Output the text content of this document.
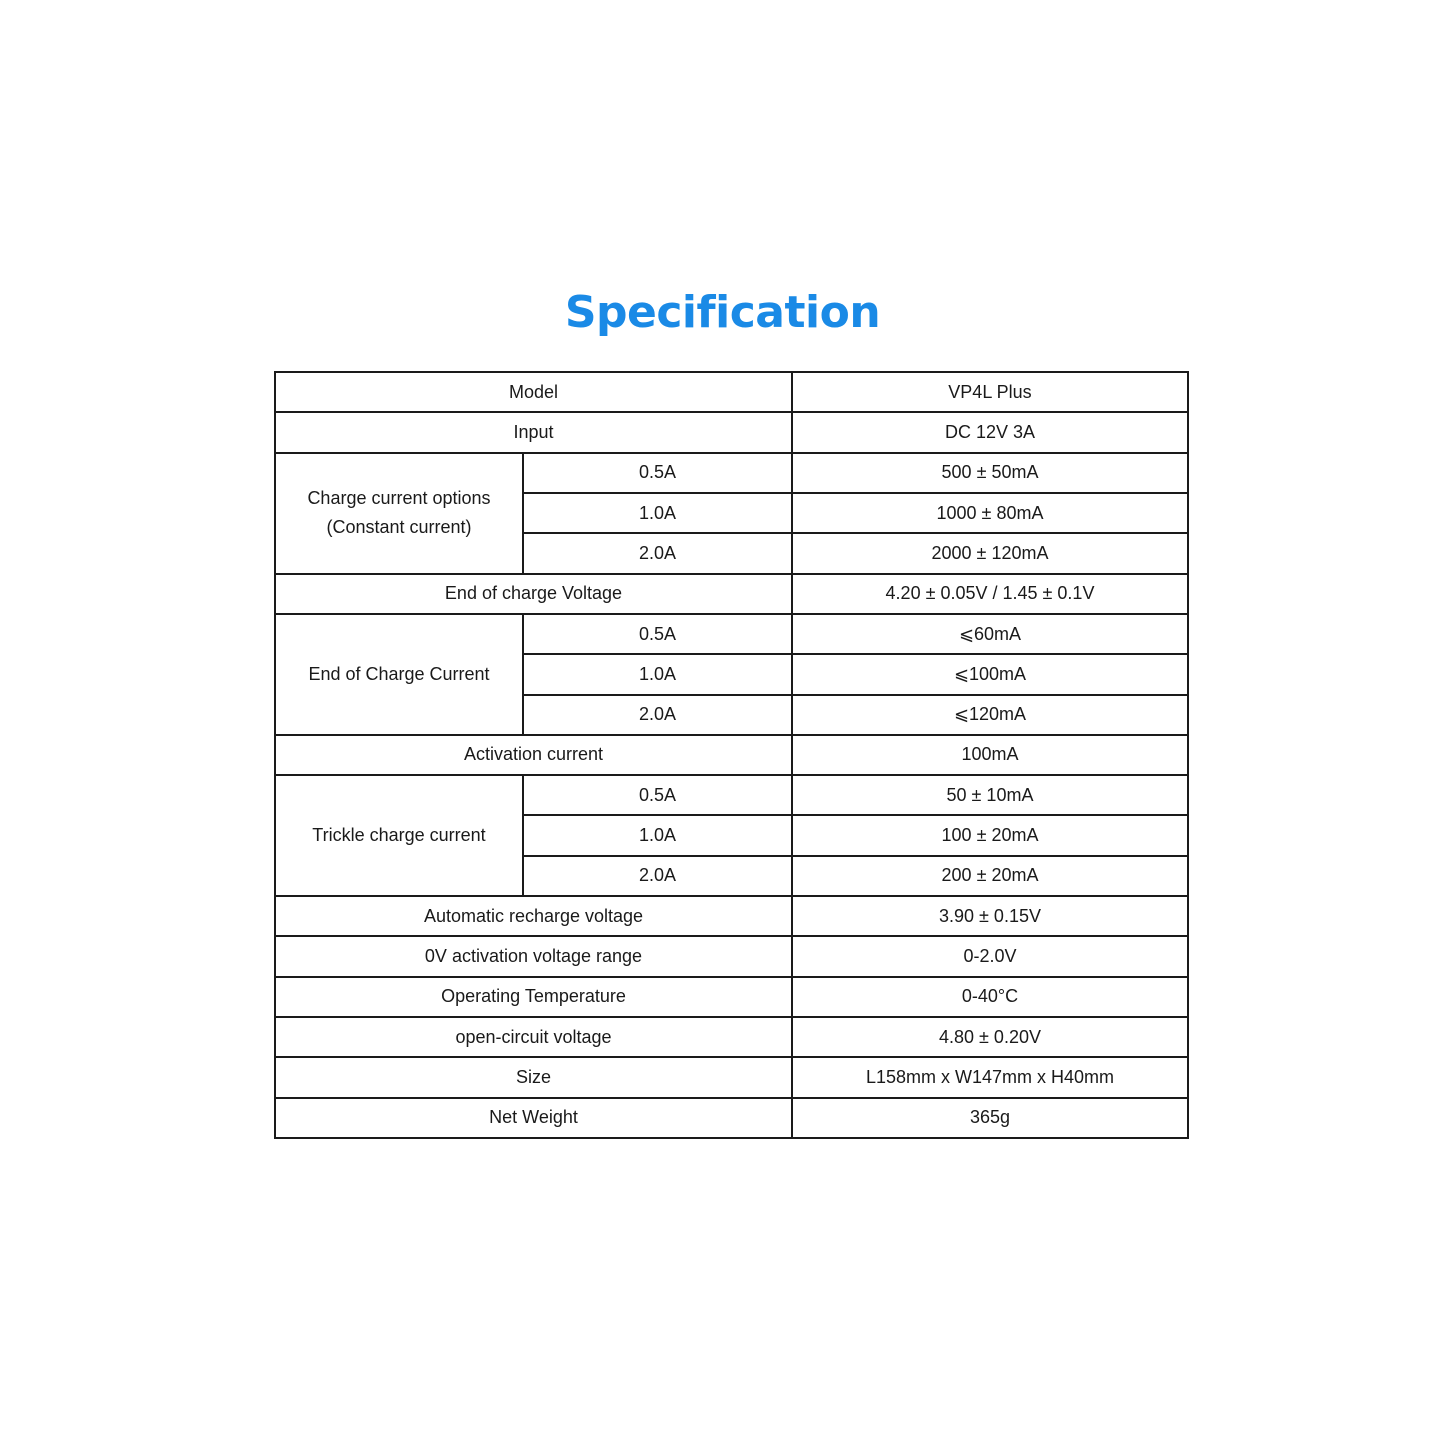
Specification
Model		VP4L Plus
Input		DC 12V 3A

Charge current options
(Constant current)	0.5A	500 ± 50mA
	1.0A	1000 ± 80mA
	2.0A	2000 ± 120mA
End of charge Voltage		4.20 ± 0.05V / 1.45 ± 0.1V
End of Charge Current	0.5A	⩽60mA
	1.0A	⩽100mA
	2.0A	⩽120mA
Activation current		100mA
Trickle charge current	0.5A	50 ± 10mA
	1.0A	100 ± 20mA
	2.0A	200 ± 20mA
Automatic recharge voltage		3.90 ± 0.15V
0V activation voltage range		0-2.0V
Operating Temperature		0-40°C
open-circuit voltage		4.80 ± 0.20V
Size		L158mm x W147mm x H40mm
Net Weight		365g
